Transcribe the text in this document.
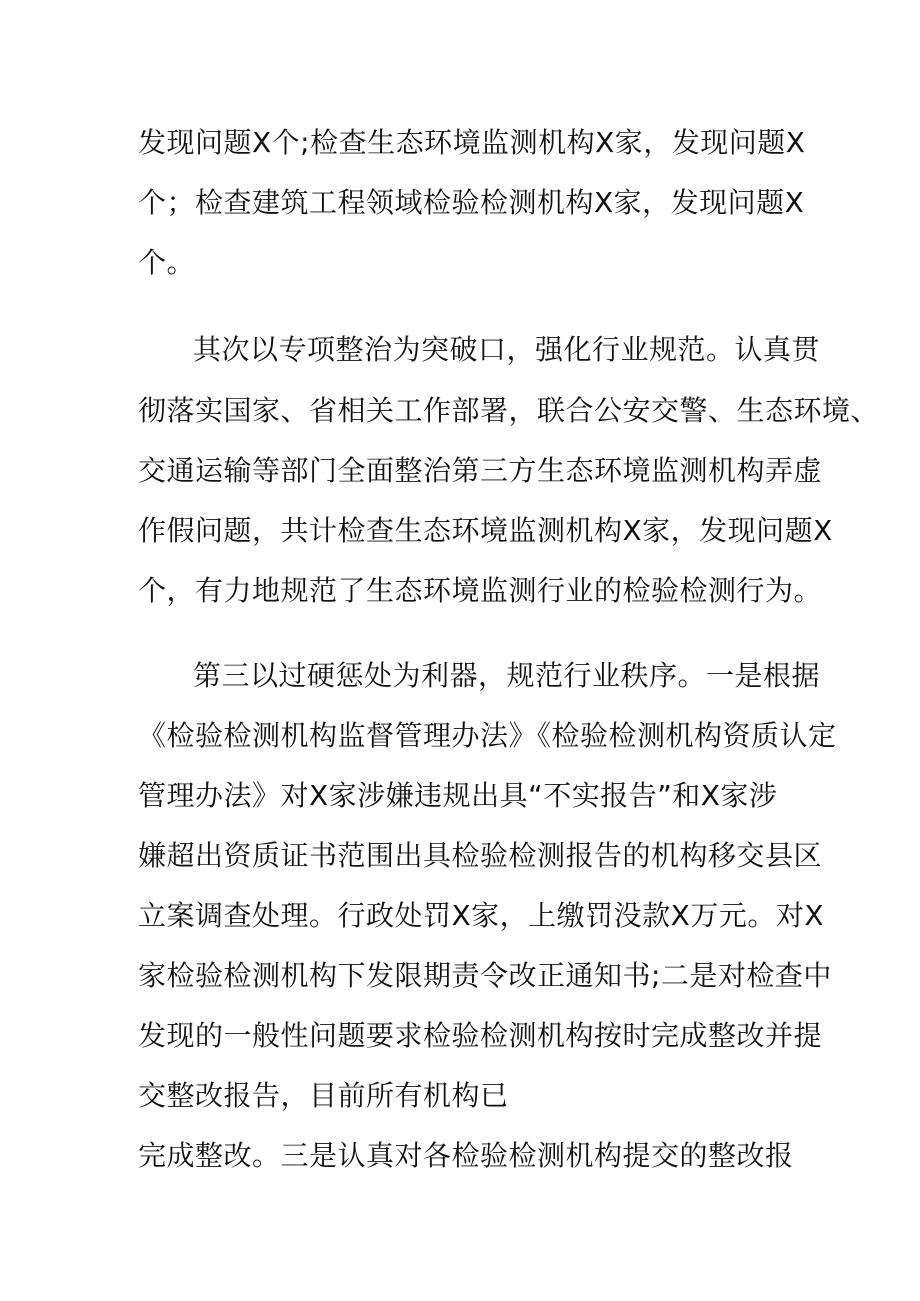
发现问题X个;检查生态环境监测机构X家，发现问题X
个；检查建筑工程领域检验检测机构X家，发现问题X
个。
其次以专项整治为突破口，强化行业规范。认真贯
彻落实国家、省相关工作部署，联合公安交警、生态环境、
交通运输等部门全面整治第三方生态环境监测机构弄虚
作假问题，共计检查生态环境监测机构X家，发现问题X
个，有力地规范了生态环境监测行业的检验检测行为。
第三以过硬惩处为利器，规范行业秩序。一是根据
《检验检测机构监督管理办法》《检验检测机构资质认定
管理办法》对X家涉嫌违规出具“不实报告”和X家涉
嫌超出资质证书范围出具检验检测报告的机构移交县区
立案调查处理。行政处罚X家，上缴罚没款X万元。对X
家检验检测机构下发限期责令改正通知书;二是对检查中
发现的一般性问题要求检验检测机构按时完成整改并提
交整改报告，目前所有机构已
完成整改。三是认真对各检验检测机构提交的整改报
